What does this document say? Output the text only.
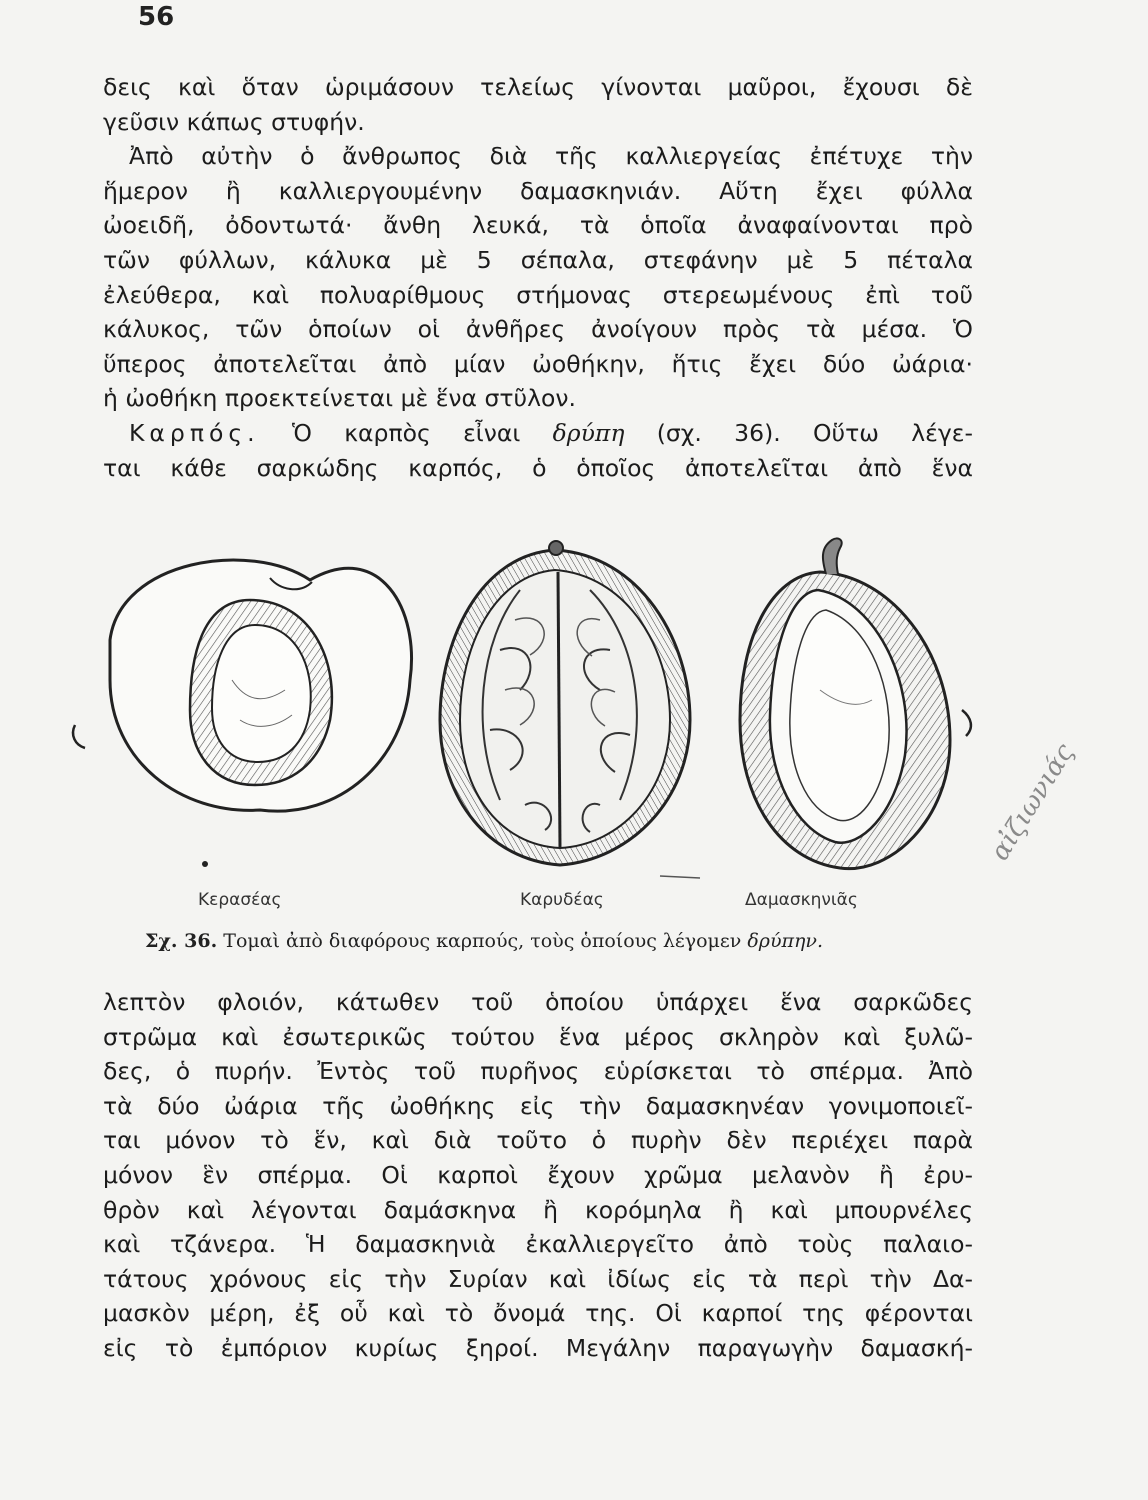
56
δεις καὶ ὅταν ὡριμάσουν τελείως γίνονται μαῦροι, ἔχουσι δὲ
γεῦσιν κάπως στυφήν.
Ἀπὸ αὐτὴν ὁ ἄνθρωπος διὰ τῆς καλλιεργείας ἐπέτυχε τὴν
ἥμερον ἢ καλλιεργουμένην δαμασκηνιάν. Αὕτη ἔχει φύλλα
ὠοειδῆ, ὀδοντωτά· ἄνθη λευκά, τὰ ὁποῖα ἀναφαίνονται πρὸ
τῶν φύλλων, κάλυκα μὲ 5 σέπαλα, στεφάνην μὲ 5 πέταλα
ἐλεύθερα, καὶ πολυαρίθμους στήμονας στερεωμένους ἐπὶ τοῦ
κάλυκος, τῶν ὁποίων οἱ ἀνθῆρες ἀνοίγουν πρὸς τὰ μέσα. Ὁ
ὕπερος ἀποτελεῖται ἀπὸ μίαν ὠοθήκην, ἥτις ἔχει δύο ὠάρια·
ἡ ὠοθήκη προεκτείνεται μὲ ἕνα στῦλον.
Καρπός. Ὁ καρπὸς εἶναι δρύπη (σχ. 36). Οὕτω λέγε-
ται κάθε σαρκώδης καρπός, ὁ ὁποῖος ἀποτελεῖται ἀπὸ ἕνα
Κερασέας	Καρυδέας	Δαμασκηνιᾶς
Σχ. 36. Τομαὶ ἀπὸ διαφόρους καρπούς, τοὺς ὁποίους λέγομεν δρύπην.
λεπτὸν φλοιόν, κάτωθεν τοῦ ὁποίου ὑπάρχει ἕνα σαρκῶδες
στρῶμα καὶ ἐσωτερικῶς τούτου ἕνα μέρος σκληρὸν καὶ ξυλῶ-
δες, ὁ πυρήν. Ἐντὸς τοῦ πυρῆνος εὑρίσκεται τὸ σπέρμα. Ἀπὸ
τὰ δύο ὠάρια τῆς ὠοθήκης εἰς τὴν δαμασκηνέαν γονιμοποιεῖ-
ται μόνον τὸ ἕν, καὶ διὰ τοῦτο ὁ πυρὴν δὲν περιέχει παρὰ
μόνον ἓν σπέρμα. Οἱ καρποὶ ἔχουν χρῶμα μελανὸν ἢ ἐρυ-
θρὸν καὶ λέγονται δαμάσκηνα ἢ κορόμηλα ἢ καὶ μπουρνέλες
καὶ τζάνερα. Ἡ δαμασκηνιὰ ἐκαλλιεργεῖτο ἀπὸ τοὺς παλαιο-
τάτους χρόνους εἰς τὴν Συρίαν καὶ ἰδίως εἰς τὰ περὶ τὴν Δα-
μασκὸν μέρη, ἐξ οὗ καὶ τὸ ὄνομά της. Οἱ καρποί της φέρονται
εἰς τὸ ἐμπόριον κυρίως ξηροί. Μεγάλην παραγωγὴν δαμασκή-
αἰζιωνιάς
